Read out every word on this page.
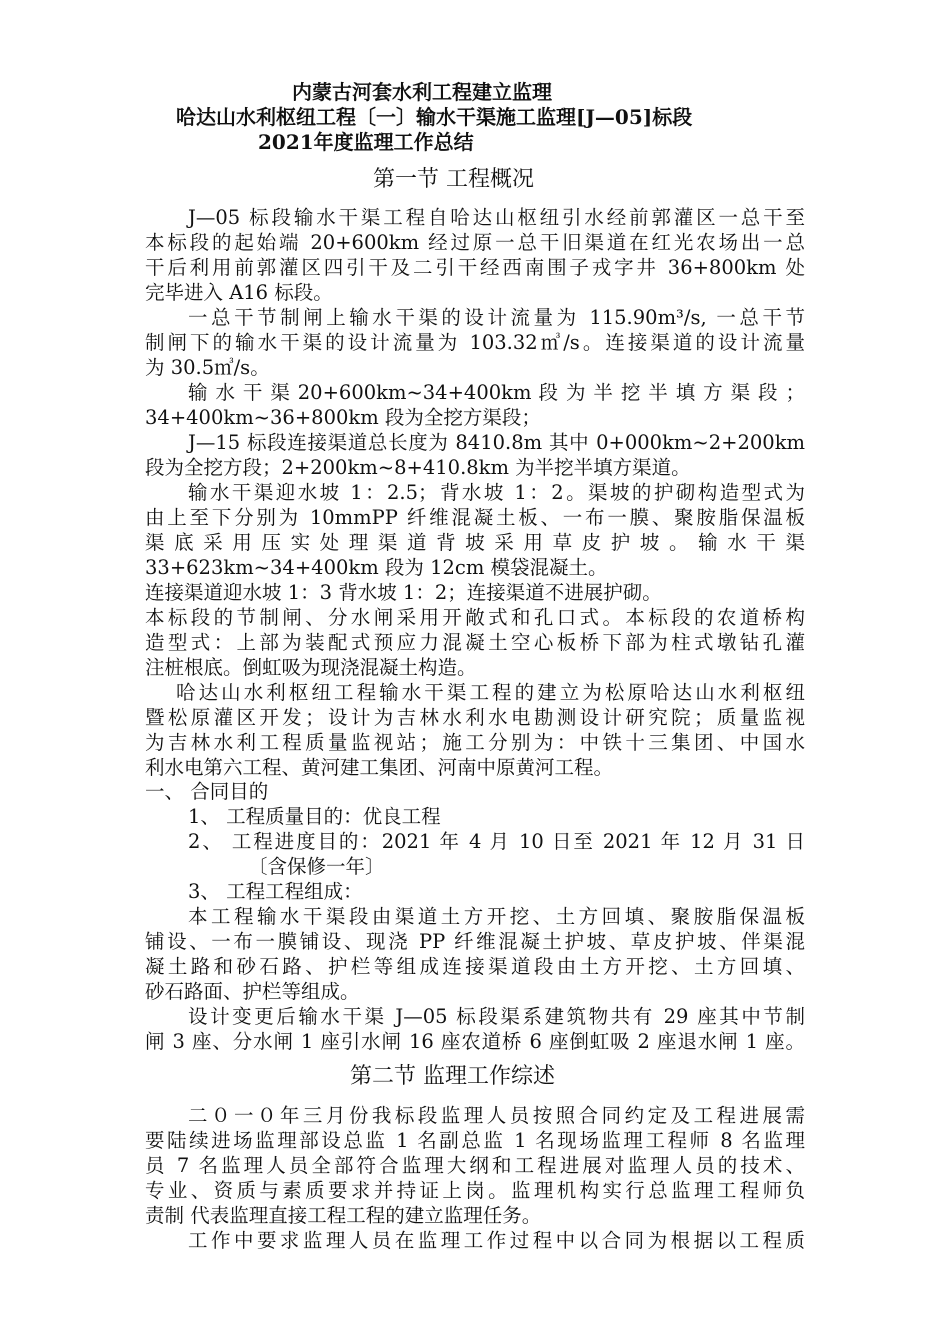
内蒙古河套水利工程建立监理
哈达山水利枢纽工程〔一〕输水干渠施工监理[J—05]标段
2021年度监理工作总结
第一节 工程概况
J—05 标段输水干渠工程自哈达山枢纽引水经前郭灌区一总干至
本标段的起始端 20+600km 经过原一总干旧渠道在红光农场出一总
干后利用前郭灌区四引干及二引干经西南围子戎字井 36+800km 处
完毕进入 A16 标段。
一总干节制闸上输水干渠的设计流量为 115.90m³/s, 一总干节
制闸下的输水干渠的设计流量为 103.32㎥/s。连接渠道的设计流量
为 30.5㎥/s。
输 水 干 渠 20+600km~34+400km 段 为 半 挖 半 填 方 渠 段 ；
34+400km~36+800km 段为全挖方渠段；
J—15 标段连接渠道总长度为 8410.8m 其中 0+000km~2+200km
段为全挖方段；2+200km~8+410.8km 为半挖半填方渠道。
输水干渠迎水坡 1：2.5；背水坡 1：2。渠坡的护砌构造型式为
由上至下分别为 10mmPP 纤维混凝土板、一布一膜、聚胺脂保温板
渠 底 采 用 压 实 处 理 渠 道 背 坡 采 用 草 皮 护 坡 。 输 水 干 渠
33+623km~34+400km 段为 12cm 模袋混凝土。
连接渠道迎水坡 1：3 背水坡 1：2；连接渠道不进展护砌。
本标段的节制闸、分水闸采用开敞式和孔口式。本标段的农道桥构
造型式：上部为装配式预应力混凝土空心板桥下部为柱式墩钻孔灌
注桩根底。倒虹吸为现浇混凝土构造。
哈达山水利枢纽工程输水干渠工程的建立为松原哈达山水利枢纽
暨松原灌区开发；设计为吉林水利水电勘测设计研究院；质量监视
为吉林水利工程质量监视站；施工分别为：中铁十三集团、中国水
利水电第六工程、黄河建工集团、河南中原黄河工程。
一、 合同目的
1、 工程质量目的：优良工程
2、 工程进度目的：2021 年 4 月 10 日至 2021 年 12 月 31 日
〔含保修一年〕
3、 工程工程组成：
本工程输水干渠段由渠道土方开挖、土方回填、聚胺脂保温板
铺设、一布一膜铺设、现浇 PP 纤维混凝土护坡、草皮护坡、伴渠混
凝土路和砂石路、护栏等组成连接渠道段由土方开挖、土方回填、
砂石路面、护栏等组成。
设计变更后输水干渠 J—05 标段渠系建筑物共有 29 座其中节制
闸 3 座、分水闸 1 座引水闸 16 座农道桥 6 座倒虹吸 2 座退水闸 1 座。
第二节 监理工作综述
二０一０年三月份我标段监理人员按照合同约定及工程进展需
要陆续进场监理部设总监 1 名副总监 1 名现场监理工程师 8 名监理
员 7 名监理人员全部符合监理大纲和工程进展对监理人员的技术、
专业、资质与素质要求并持证上岗。监理机构实行总监理工程师负
责制 代表监理直接工程工程的建立监理任务。
工作中要求监理人员在监理工作过程中以合同为根据以工程质
